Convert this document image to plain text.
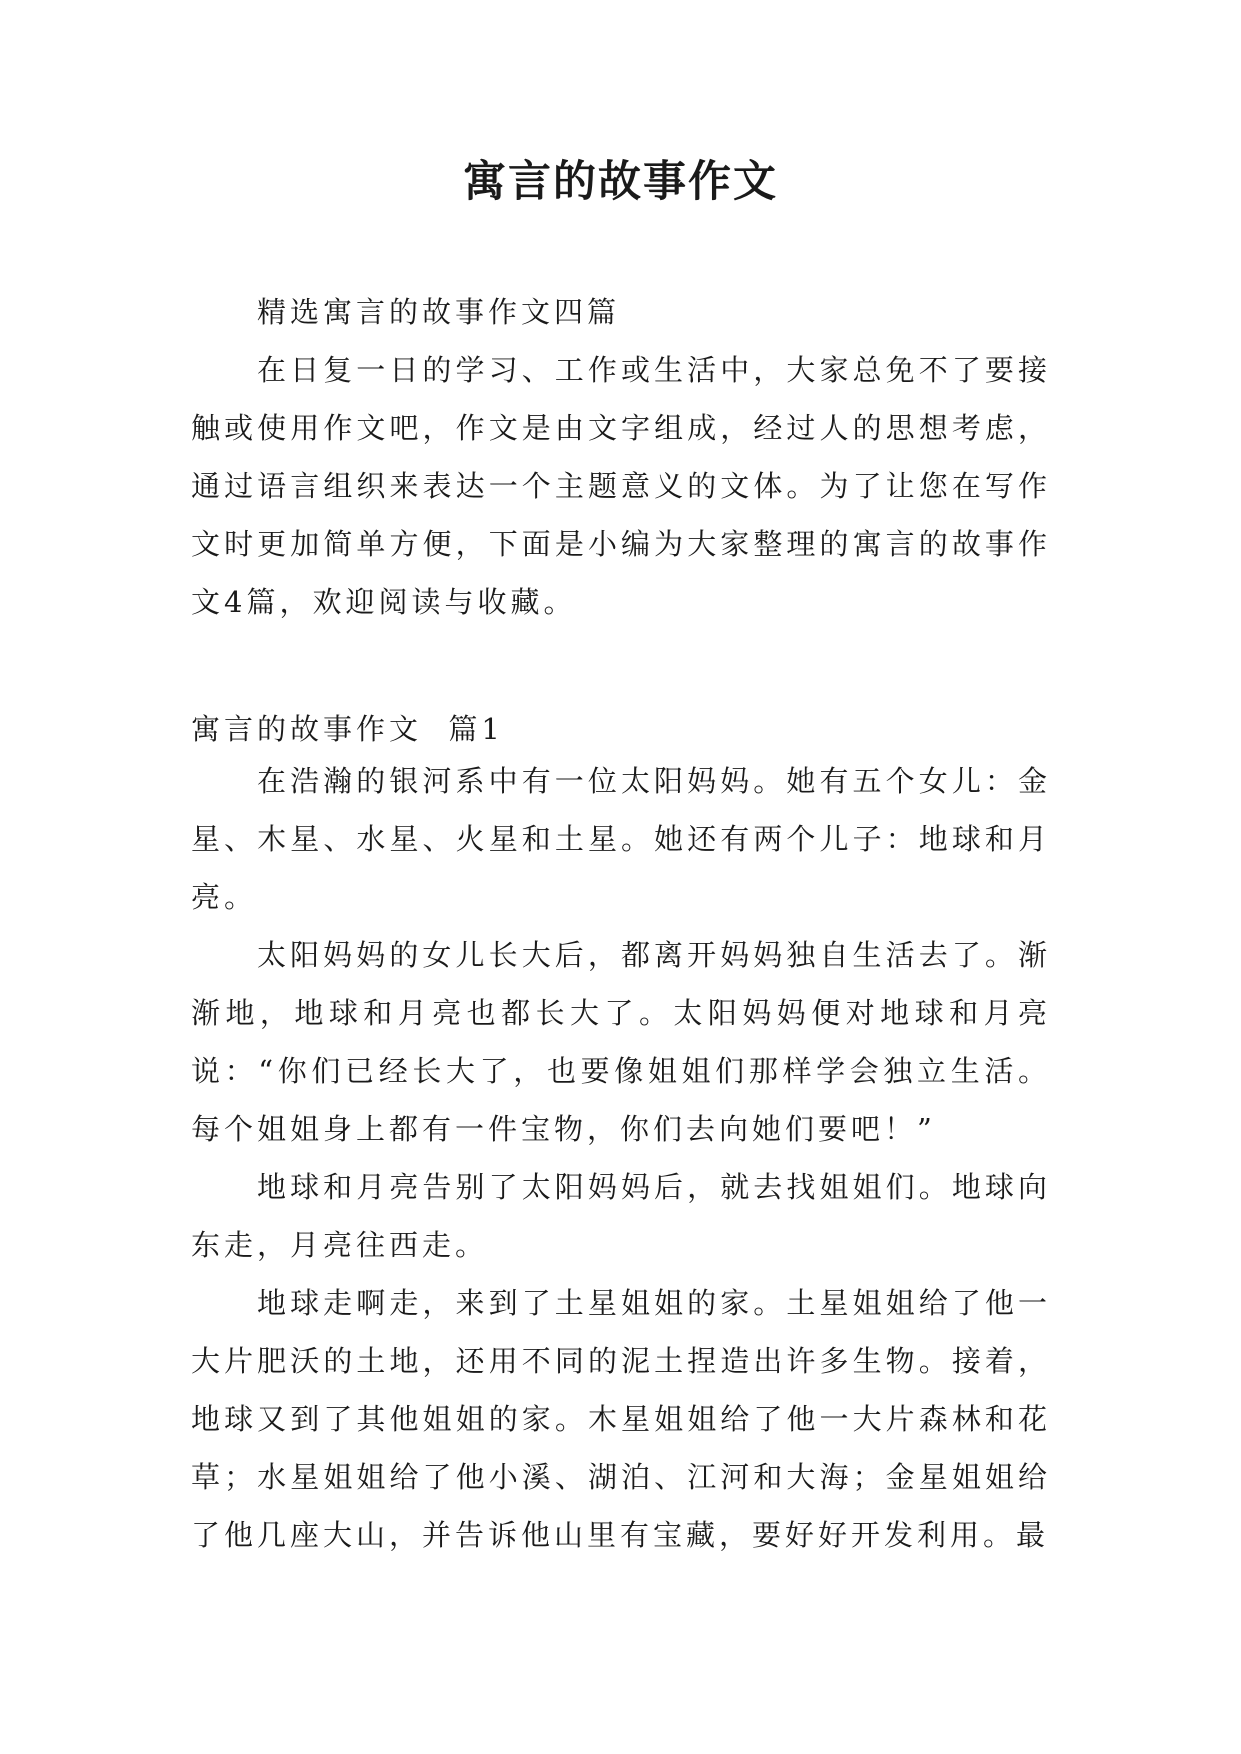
寓言的故事作文
精选寓言的故事作文四篇
在日复一日的学习、工作或生活中，大家总免不了要接触或使用作文吧，作文是由文字组成，经过人的思想考虑，通过语言组织来表达一个主题意义的文体。为了让您在写作文时更加简单方便，下面是小编为大家整理的寓言的故事作文4篇，欢迎阅读与收藏。
寓言的故事作文  篇1

在浩瀚的银河系中有一位太阳妈妈。她有五个女儿：金星、木星、水星、火星和土星。她还有两个儿子：地球和月亮。

太阳妈妈的女儿长大后，都离开妈妈独自生活去了。渐渐地，地球和月亮也都长大了。太阳妈妈便对地球和月亮说：“你们已经长大了，也要像姐姐们那样学会独立生活。每个姐姐身上都有一件宝物，你们去向她们要吧！”

地球和月亮告别了太阳妈妈后，就去找姐姐们。地球向东走，月亮往西走。

地球走啊走，来到了土星姐姐的家。土星姐姐给了他一大片肥沃的土地，还用不同的泥土捏造出许多生物。接着，地球又到了其他姐姐的家。木星姐姐给了他一大片森林和花草；水星姐姐给了他小溪、湖泊、江河和大海；金星姐姐给了他几座大山，并告诉他山里有宝藏，要好好开发利用。最
